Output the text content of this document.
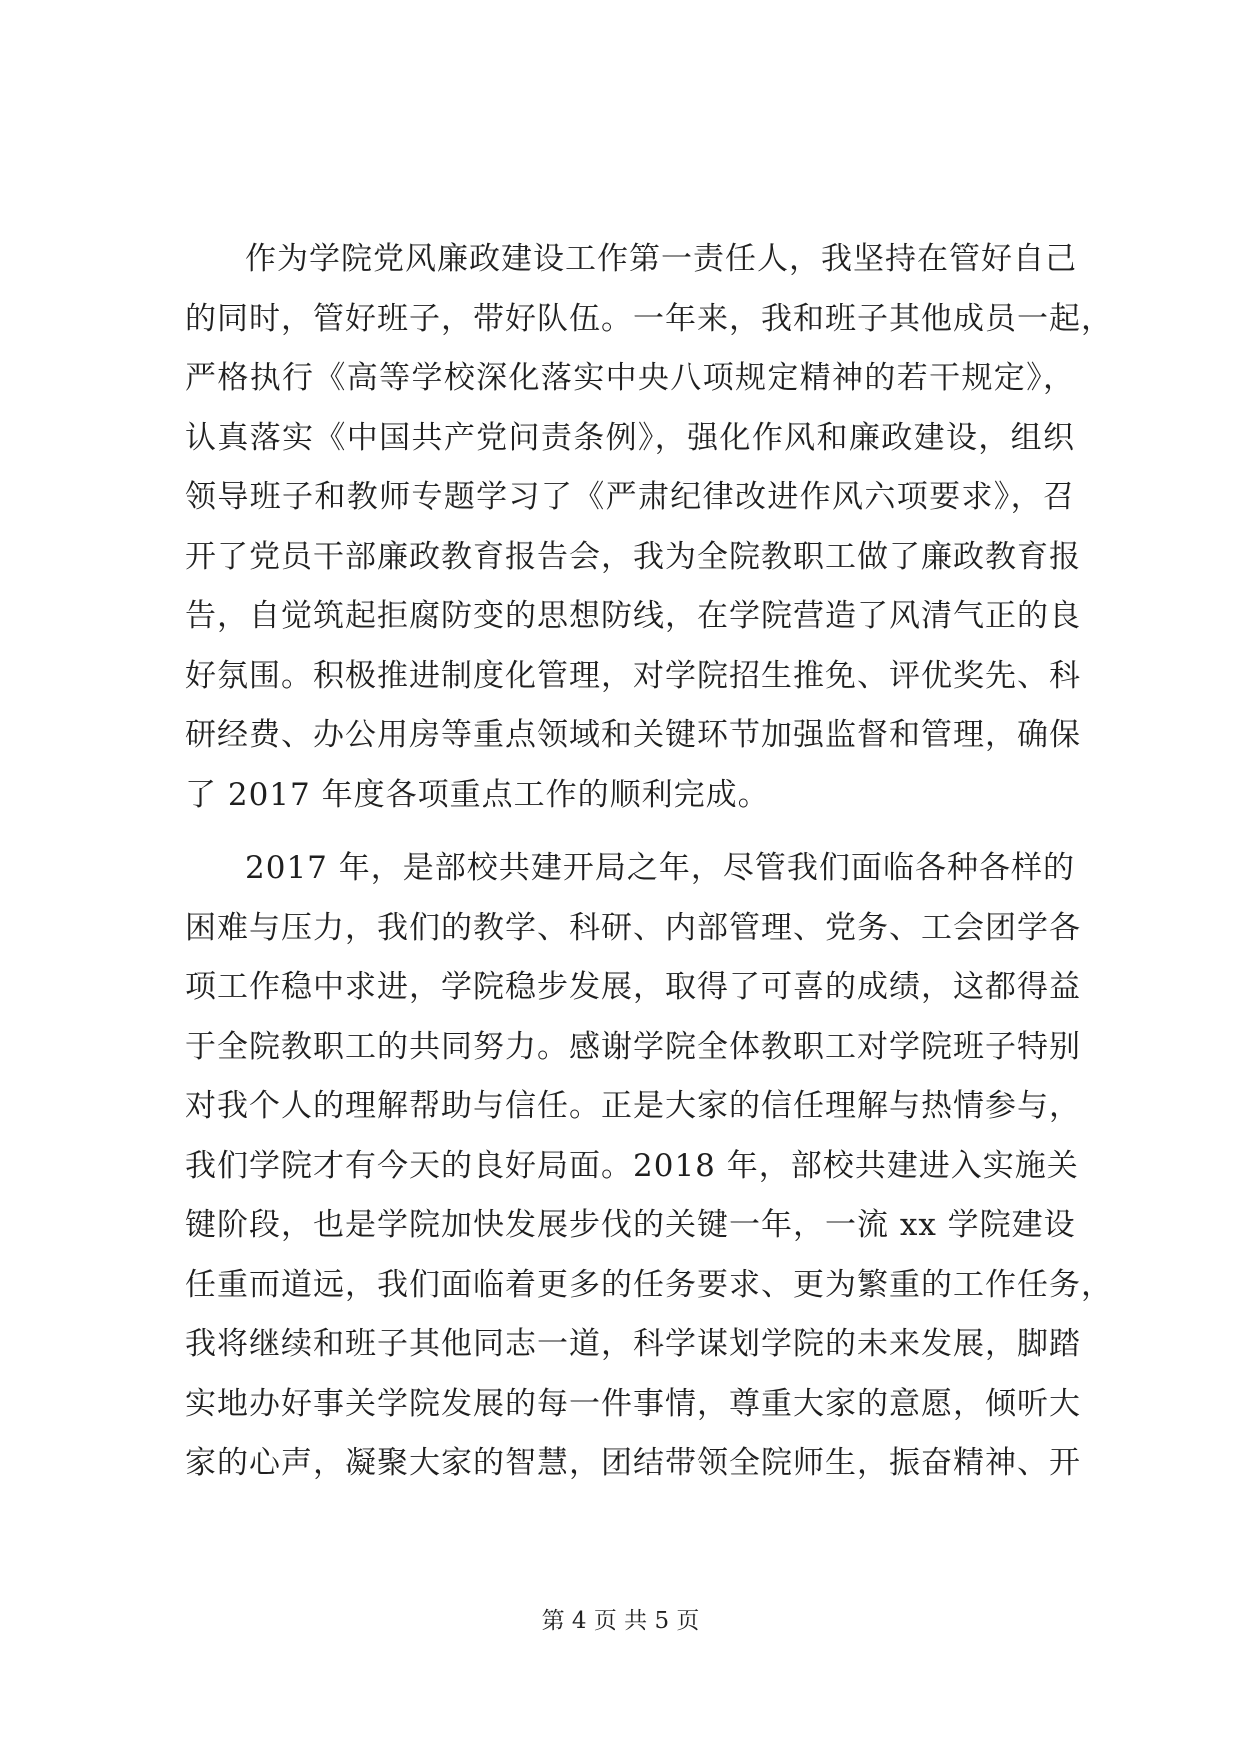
作为学院党风廉政建设工作第一责任人，我坚持在管好自己
的同时，管好班子，带好队伍。一年来，我和班子其他成员一起，
严格执行《高等学校深化落实中央八项规定精神的若干规定》，
认真落实《中国共产党问责条例》，强化作风和廉政建设，组织
领导班子和教师专题学习了《严肃纪律改进作风六项要求》，召
开了党员干部廉政教育报告会，我为全院教职工做了廉政教育报
告，自觉筑起拒腐防变的思想防线，在学院营造了风清气正的良
好氛围。积极推进制度化管理，对学院招生推免、评优奖先、科
研经费、办公用房等重点领域和关键环节加强监督和管理，确保
了 2017 年度各项重点工作的顺利完成。

2017 年，是部校共建开局之年，尽管我们面临各种各样的
困难与压力，我们的教学、科研、内部管理、党务、工会团学各
项工作稳中求进，学院稳步发展，取得了可喜的成绩，这都得益
于全院教职工的共同努力。感谢学院全体教职工对学院班子特别
对我个人的理解帮助与信任。正是大家的信任理解与热情参与，
我们学院才有今天的良好局面。2018 年，部校共建进入实施关
键阶段，也是学院加快发展步伐的关键一年，一流 xx 学院建设
任重而道远，我们面临着更多的任务要求、更为繁重的工作任务，
我将继续和班子其他同志一道，科学谋划学院的未来发展，脚踏
实地办好事关学院发展的每一件事情，尊重大家的意愿，倾听大
家的心声，凝聚大家的智慧，团结带领全院师生，振奋精神、开

第 4 页 共 5 页
